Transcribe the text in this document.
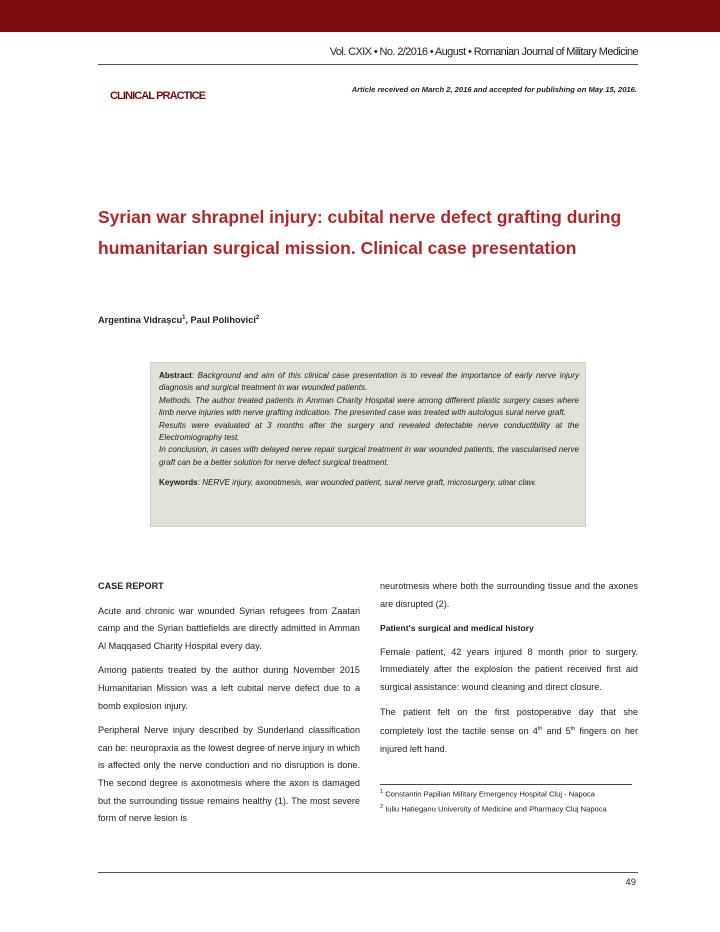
Vol. CXIX • No. 2/2016 • August • Romanian Journal of Military Medicine
CLINICAL PRACTICE
Article received on March 2, 2016 and accepted for publishing on May 15, 2016.
Syrian war shrapnel injury: cubital nerve defect grafting during humanitarian surgical mission. Clinical case presentation
Argentina Vidrașcu$^1$, Paul Polihovici$^2$
Abstract: Background and aim of this clinical case presentation is to reveal the importance of early nerve injury diagnosis and surgical treatment in war wounded patients.
Methods. The author treated patients in Amman Charity Hospital were among different plastic surgery cases where limb nerve injuries with nerve grafting indication. The presented case was treated with autologus sural nerve graft.
Results were evaluated at 3 months after the surgery and revealed detectable nerve conductibility at the Electromiography test.
In conclusion, in cases with delayed nerve repair surgical treatment in war wounded patients, the vascularised nerve graft can be a better solution for nerve defect surgical treatment.
Keywords: NERVE injury, axonotmesis, war wounded patient, sural nerve graft, microsurgery, ulnar claw.
CASE REPORT

Acute and chronic war wounded Syrian refugees from Zaatari camp and the Syrian battlefields are directly admitted in Amman Al Maqqased Charity Hospital every day.

Among patients treated by the author during November 2015 Humanitarian Mission was a left cubital nerve defect due to a bomb explosion injury.

Peripheral Nerve injury described by Sunderland classification can be: neuropraxia as the lowest degree of nerve injury in which is affected only the nerve conduction and no disruption is done. The second degree is axonotmesis where the axon is damaged but the surrounding tissue remains healthy (1). The most severe form of nerve lesion is

neurotmesis where both the surrounding tissue and the axones are disrupted (2).

Patient's surgical and medical history

Female patient, 42 years injured 8 month prior to surgery. Immediately after the explosion the patient received first aid surgical assistance: wound cleaning and direct closure.

The patient felt on the first postoperative day that she completely lost the tactile sense on 4th and 5th fingers on her injured left hand.

$^1$ Constantin Papilian Military Emergency Hospital Cluj - Napoca
$^2$ Iuliu Hatieganu University of Medicine and Pharmacy Cluj Napoca
49
